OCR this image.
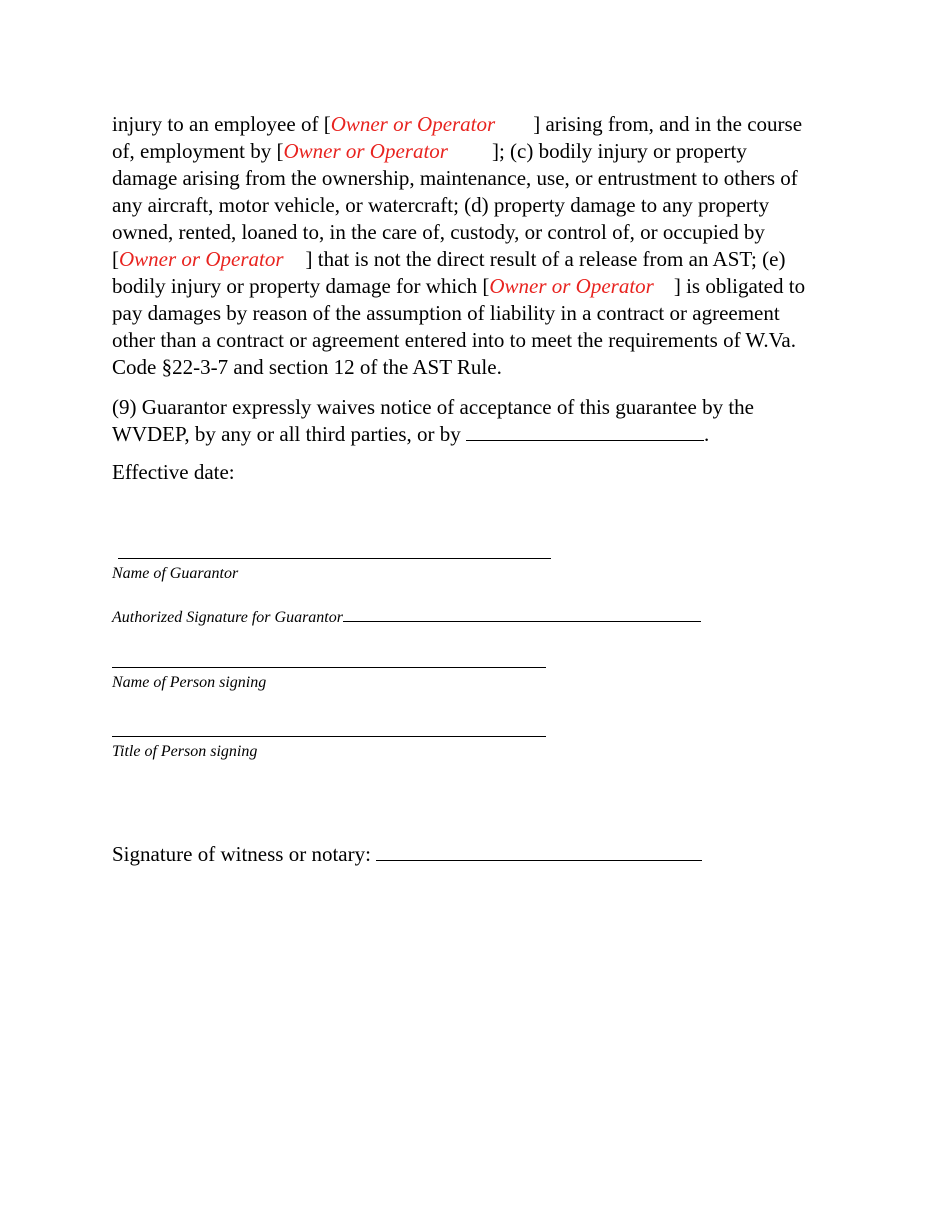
injury to an employee of [Owner or Operator ] arising from, and in the course
of, employment by [Owner or Operator ]; (c) bodily injury or property
damage arising from the ownership, maintenance, use, or entrustment to others of
any aircraft, motor vehicle, or watercraft; (d) property damage to any property
owned, rented, loaned to, in the care of, custody, or control of, or occupied by
[Owner or Operator ] that is not the direct result of a release from an AST; (e)
bodily injury or property damage for which [Owner or Operator ] is obligated to
pay damages by reason of the assumption of liability in a contract or agreement
other than a contract or agreement entered into to meet the requirements of W.Va.
Code §22-3-7 and section 12 of the AST Rule.
(9) Guarantor expressly waives notice of acceptance of this guarantee by the
WVDEP, by any or all third parties, or by	.
Effective date:
Name of Guarantor
Authorized Signature for Guarantor
Name of Person signing
Title of Person signing
Signature of witness or notary:
